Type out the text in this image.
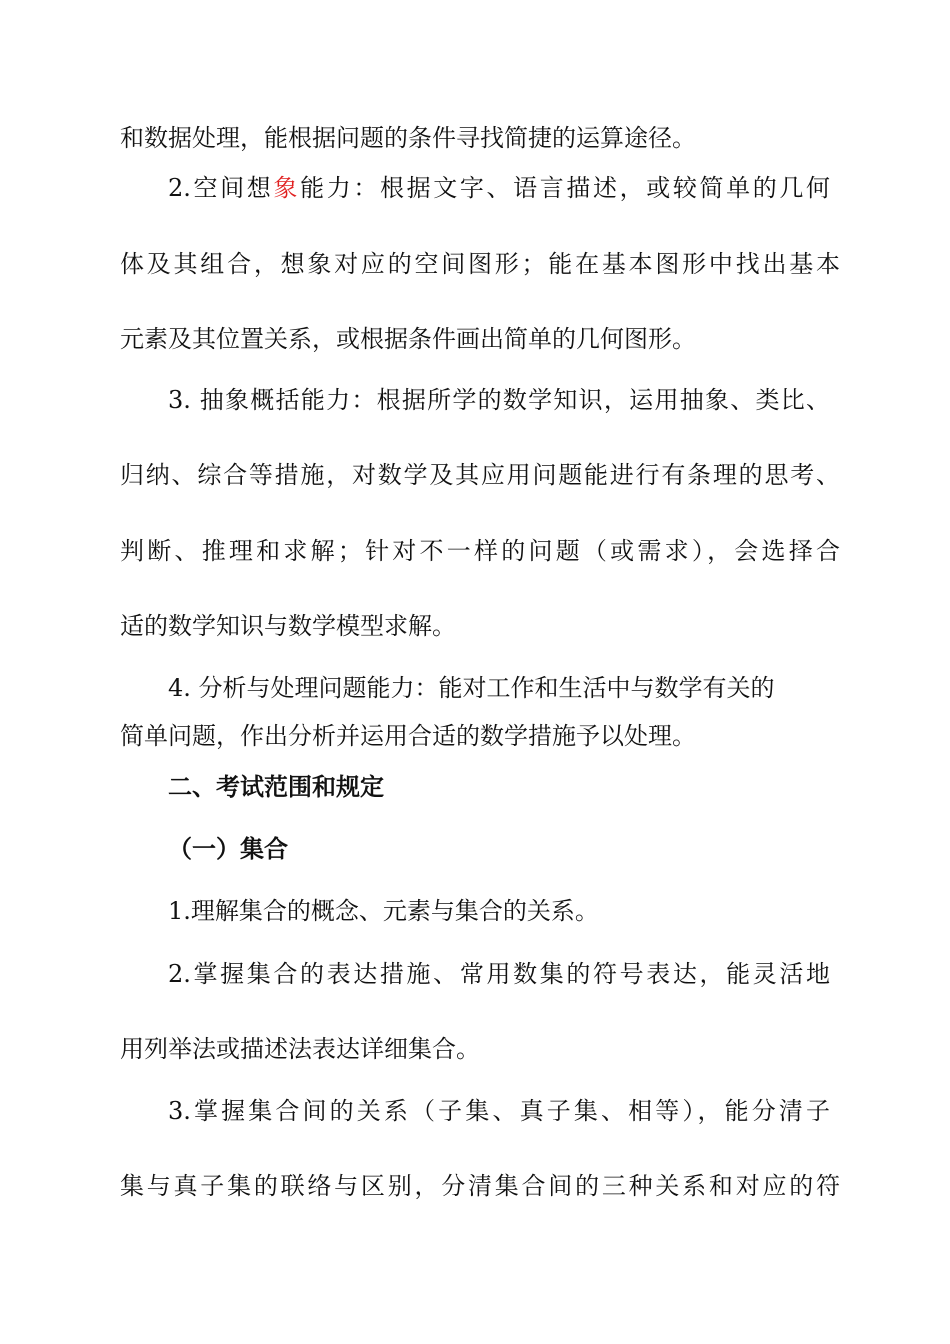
和数据处理，能根据问题的条件寻找简捷的运算途径。
2.空间想象能力：根据文字、语言描述，或较简单的几何
体及其组合，想象对应的空间图形；能在基本图形中找出基本
元素及其位置关系，或根据条件画出简单的几何图形。
3. 抽象概括能力：根据所学的数学知识，运用抽象、类比、
归纳、综合等措施，对数学及其应用问题能进行有条理的思考、
判断、推理和求解；针对不一样的问题（或需求），会选择合
适的数学知识与数学模型求解。
4. 分析与处理问题能力：能对工作和生活中与数学有关的
简单问题，作出分析并运用合适的数学措施予以处理。
二、考试范围和规定
（一）集合
1.理解集合的概念、元素与集合的关系。
2.掌握集合的表达措施、常用数集的符号表达，能灵活地
用列举法或描述法表达详细集合。
3.掌握集合间的关系（子集、真子集、相等），能分清子
集与真子集的联络与区别，分清集合间的三种关系和对应的符
